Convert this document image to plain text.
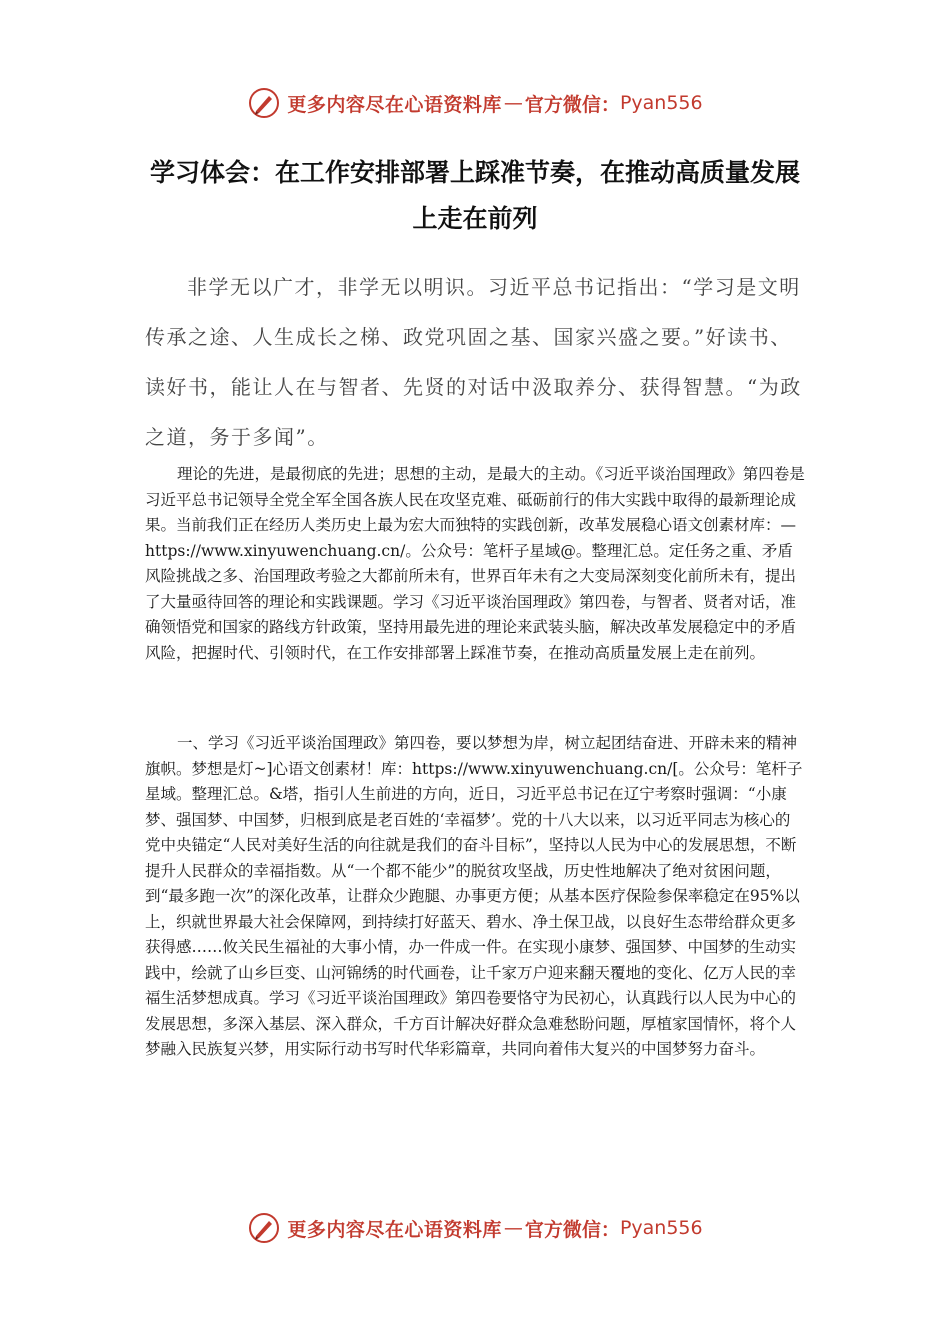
更多内容尽在心语资料库 — 官方微信： Pyan556
学习体会：在工作安排部署上踩准节奏，在推动高质量发展上走在前列

非学无以广才，非学无以明识。习近平总书记指出：“学习是文明传承之途、人生成长之梯、政党巩固之基、国家兴盛之要。”好读书、读好书，能让人在与智者、先贤的对话中汲取养分、获得智慧。“为政之道，务于多闻”。

理论的先进，是最彻底的先进；思想的主动，是最大的主动。《习近平谈治国理政》第四卷是习近平总书记领导全党全军全国各族人民在攻坚克难、砥砺前行的伟大实践中取得的最新理论成果。当前我们正在经历人类历史上最为宏大而独特的实践创新，改革发展稳心语文创素材库：—https://www.xinyuwenchuang.cn/。公众号：笔杆子星域@。整理汇总。定任务之重、矛盾风险挑战之多、治国理政考验之大都前所未有，世界百年未有之大变局深刻变化前所未有，提出了大量亟待回答的理论和实践课题。学习《习近平谈治国理政》第四卷，与智者、贤者对话，准确领悟党和国家的路线方针政策，坚持用最先进的理论来武装头脑，解决改革发展稳定中的矛盾风险，把握时代、引领时代，在工作安排部署上踩准节奏，在推动高质量发展上走在前列。

一、学习《习近平谈治国理政》第四卷，要以梦想为岸，树立起团结奋进、开辟未来的精神旗帜。梦想是灯~]心语文创素材！库：https://www.xinyuwenchuang.cn/[。公众号：笔杆子星域。整理汇总。&塔，指引人生前进的方向，近日，习近平总书记在辽宁考察时强调：“小康梦、强国梦、中国梦，归根到底是老百姓的‘幸福梦’。党的十八大以来，以习近平同志为核心的党中央锚定“人民对美好生活的向往就是我们的奋斗目标”，坚持以人民为中心的发展思想，不断提升人民群众的幸福指数。从“一个都不能少”的脱贫攻坚战，历史性地解决了绝对贫困问题，到“最多跑一次”的深化改革，让群众少跑腿、办事更方便；从基本医疗保险参保率稳定在95%以上，织就世界最大社会保障网，到持续打好蓝天、碧水、净土保卫战，以良好生态带给群众更多获得感……攸关民生福祉的大事小情，办一件成一件。在实现小康梦、强国梦、中国梦的生动实践中，绘就了山乡巨变、山河锦绣的时代画卷，让千家万户迎来翻天覆地的变化、亿万人民的幸福生活梦想成真。学习《习近平谈治国理政》第四卷要恪守为民初心，认真践行以人民为中心的发展思想，多深入基层、深入群众，千方百计解决好群众急难愁盼问题，厚植家国情怀，将个人梦融入民族复兴梦，用实际行动书写时代华彩篇章，共同向着伟大复兴的中国梦努力奋斗。

更多内容尽在心语资料库 — 官方微信： Pyan556
